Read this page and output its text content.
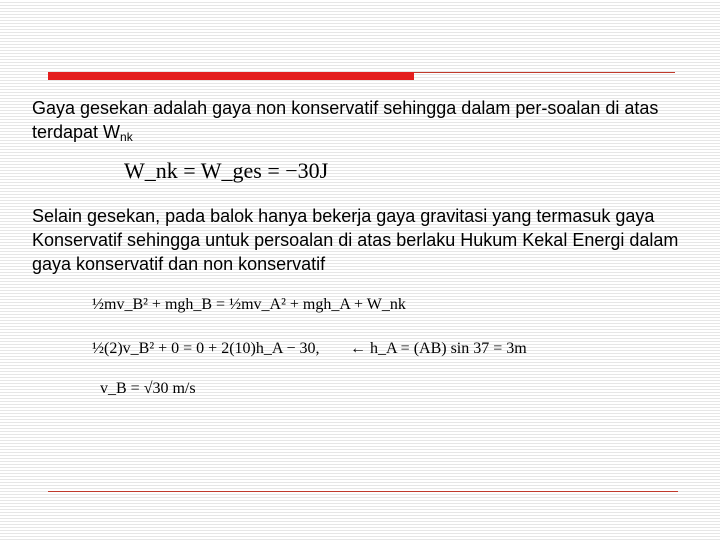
Gaya gesekan adalah gaya non konservatif sehingga dalam per-soalan di atas terdapat $W_{nk}$

W_nk = W_ges = −30J

Selain gesekan, pada balok hanya bekerja gaya gravitasi yang termasuk gaya Konservatif sehingga untuk persoalan di atas berlaku Hukum Kekal Energi dalam gaya konservatif dan non konservatif

½mv_B² + mgh_B = ½mv_A² + mgh_A + W_nk
½(2)v_B² + 0 = 0 + 2(10)h_A − 30, ← h_A = (AB) sin 37 = 3m
v_B = √30 m/s
